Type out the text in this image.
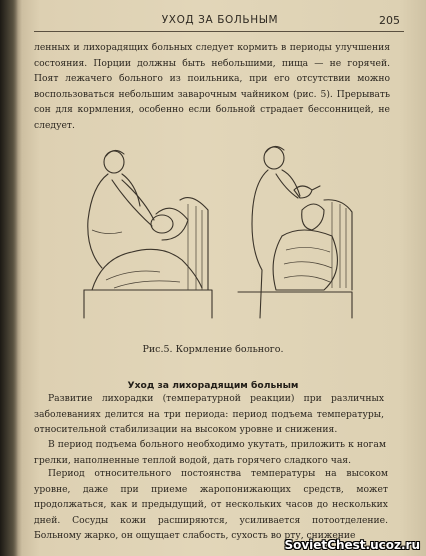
УХОД ЗА БОЛЬНЫМ	205
ленных и лихорадящих больных следует кормить в периоды улучшения состояния. Порции должны быть небольшими, пища — не горячей. Поят лежачего больного из поильника, при его отсутствии можно воспользоваться небольшим заварочным чайником (рис. 5). Прерывать сон для кормления, особенно если больной страдает бессонницей, не следует.
Рис.5. Кормление больного.
Уход за лихорадящим больным
Развитие лихорадки (температурной реакции) при различных заболеваниях делится на три периода: период подъема температуры, относительной стабилизации на высоком уровне и снижения.
В период подъема больного необходимо укутать, приложить к ногам грелки, наполненные теплой водой, дать горячего сладкого чая.
Период относительного постоянства температуры на высоком уровне, даже при приеме жаропонижающих средств, может продолжаться, как и предыдущий, от нескольких часов до нескольких дней. Сосуды кожи расширяются, усиливается потоотделение. Больному жарко, он ощущает слабость, сухость во рту, снижение
SovietChest.ucoz.ru
